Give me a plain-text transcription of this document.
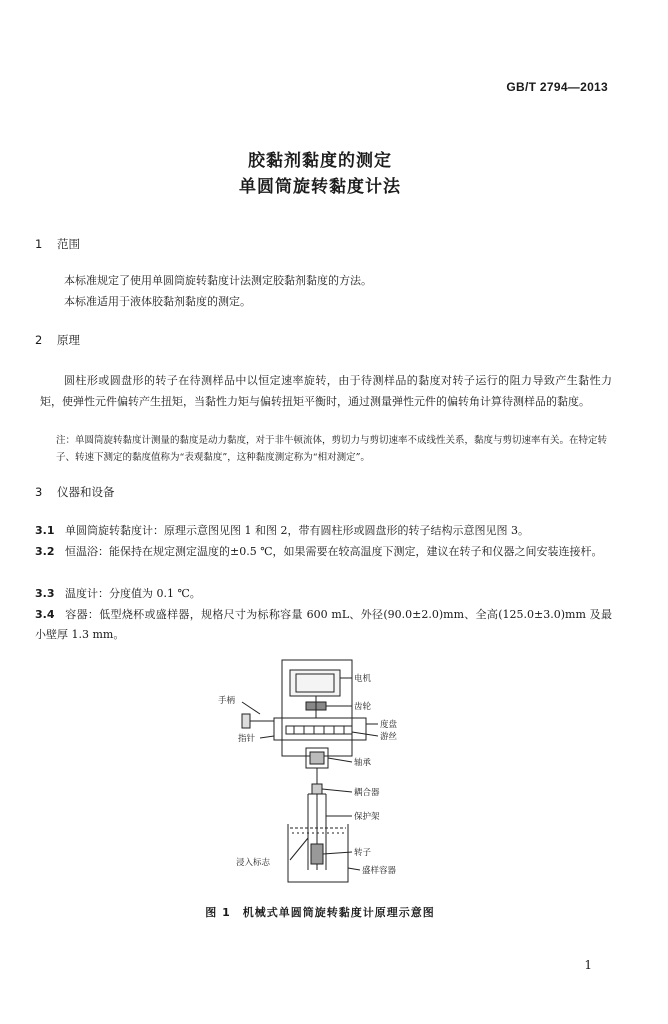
GB/T 2794—2013
胶黏剂黏度的测定
单圆筒旋转黏度计法
1 范围
本标准规定了使用单圆筒旋转黏度计法测定胶黏剂黏度的方法。
本标准适用于液体胶黏剂黏度的测定。
2 原理
圆柱形或圆盘形的转子在待测样品中以恒定速率旋转，由于待测样品的黏度对转子运行的阻力导致产生黏性力矩，使弹性元件偏转产生扭矩，当黏性力矩与偏转扭矩平衡时，通过测量弹性元件的偏转角计算待测样品的黏度。
注：单圆筒旋转黏度计测量的黏度是动力黏度，对于非牛顿流体，剪切力与剪切速率不成线性关系，黏度与剪切速率有关。在特定转子、转速下测定的黏度值称为“表观黏度”，这种黏度测定称为“相对测定”。
3 仪器和设备
3.1 单圆筒旋转黏度计：原理示意图见图 1 和图 2，带有圆柱形或圆盘形的转子结构示意图见图 3。
3.2 恒温浴：能保持在规定测定温度的±0.5 ℃，如果需要在较高温度下测定，建议在转子和仪器之间安装连接杆。
3.3 温度计：分度值为 0.1 ℃。
3.4 容器：低型烧杯或盛样器，规格尺寸为标称容量 600 mL、外径(90.0±2.0)mm、全高(125.0±3.0)mm 及最小壁厚 1.3 mm。
电机
齿轮
手柄
度盘
游丝
指针
轴承
耦合器
保护架
浸入标志
转子
盛样容器
图 1　机械式单圆筒旋转黏度计原理示意图
1
